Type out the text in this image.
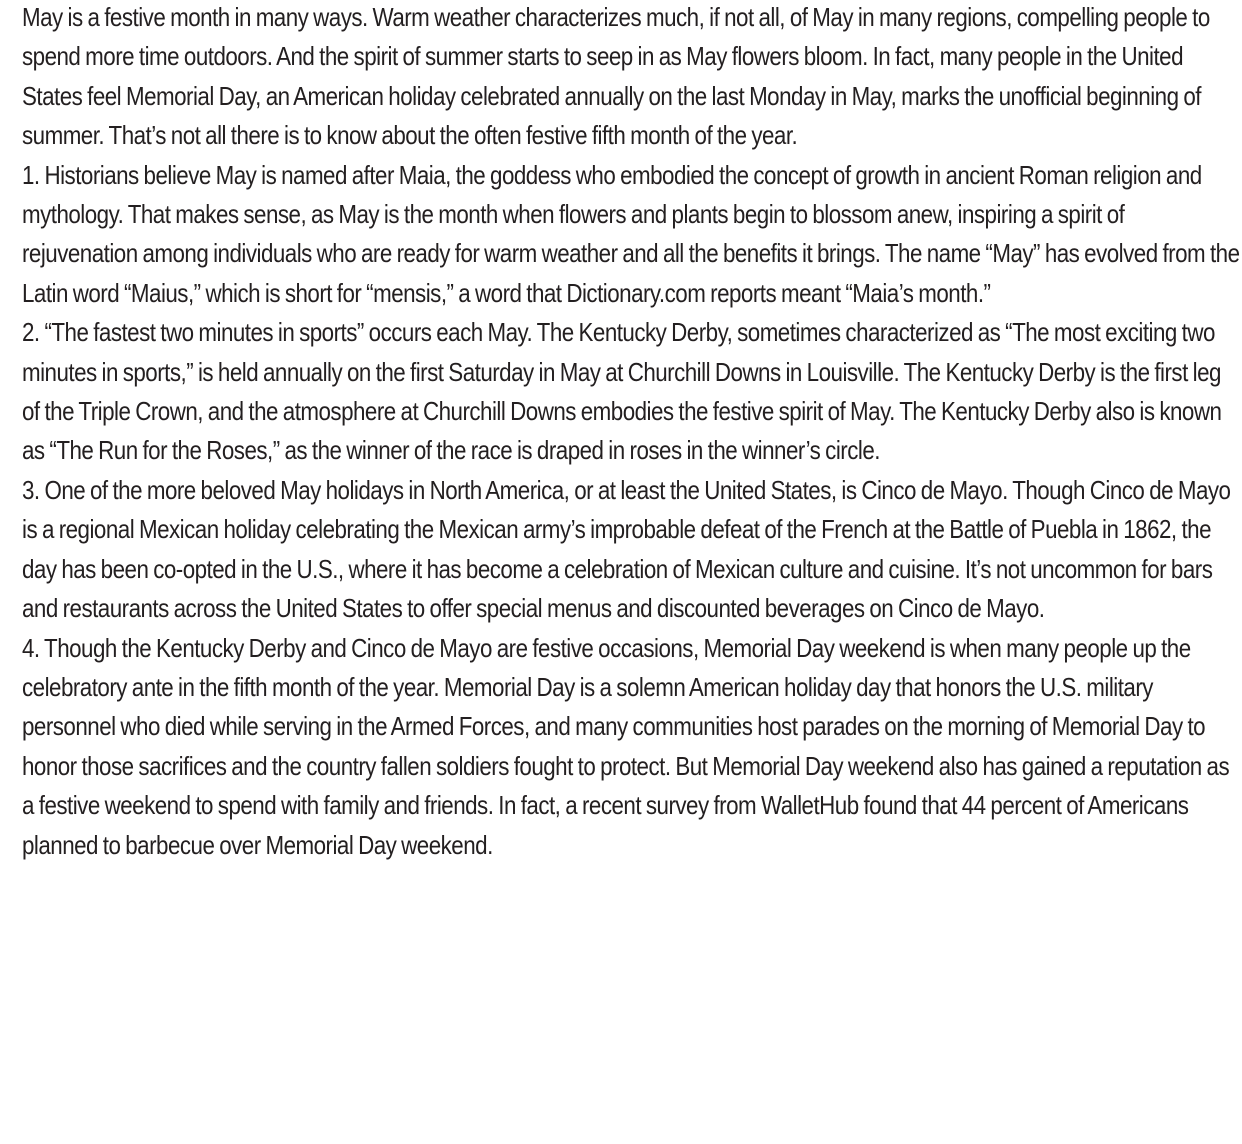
May is a festive month in many ways. Warm weather characterizes much, if not all, of May in many regions, compelling people to spend more time outdoors. And the spirit of summer starts to seep in as May flowers bloom. In fact, many people in the United States feel Memorial Day, an American holiday celebrated annually on the last Monday in May, marks the unofficial beginning of summer. That’s not all there is to know about the often festive fifth month of the year.

1. Historians believe May is named after Maia, the goddess who embodied the concept of growth in ancient Roman religion and mythology. That makes sense, as May is the month when flowers and plants begin to blossom anew, inspiring a spirit of rejuvenation among individuals who are ready for warm weather and all the benefits it brings. The name “May” has evolved from the Latin word “Maius,” which is short for “mensis,” a word that Dictionary.com reports meant “Maia’s month.”

2. “The fastest two minutes in sports” occurs each May. The Kentucky Derby, sometimes characterized as “The most exciting two minutes in sports,” is held annually on the first Saturday in May at Churchill Downs in Louisville. The Kentucky Derby is the first leg of the Triple Crown, and the atmosphere at Churchill Downs embodies the festive spirit of May. The Kentucky Derby also is known as “The Run for the Roses,” as the winner of the race is draped in roses in the winner’s circle.

3. One of the more beloved May holidays in North America, or at least the United States, is Cinco de Mayo. Though Cinco de Mayo is a regional Mexican holiday celebrating the Mexican army’s improbable defeat of the French at the Battle of Puebla in 1862, the day has been co-opted in the U.S., where it has become a celebration of Mexican culture and cuisine. It’s not uncommon for bars and restaurants across the United States to offer special menus and discounted beverages on Cinco de Mayo.

4. Though the Kentucky Derby and Cinco de Mayo are festive occasions, Memorial Day weekend is when many people up the celebratory ante in the fifth month of the year. Memorial Day is a solemn American holiday day that honors the U.S. military personnel who died while serving in the Armed Forces, and many communities host parades on the morning of Memorial Day to honor those sacrifices and the country fallen soldiers fought to protect. But Memorial Day weekend also has gained a reputation as a festive weekend to spend with family and friends. In fact, a recent survey from WalletHub found that 44 percent of Americans planned to barbecue over Memorial Day weekend.
